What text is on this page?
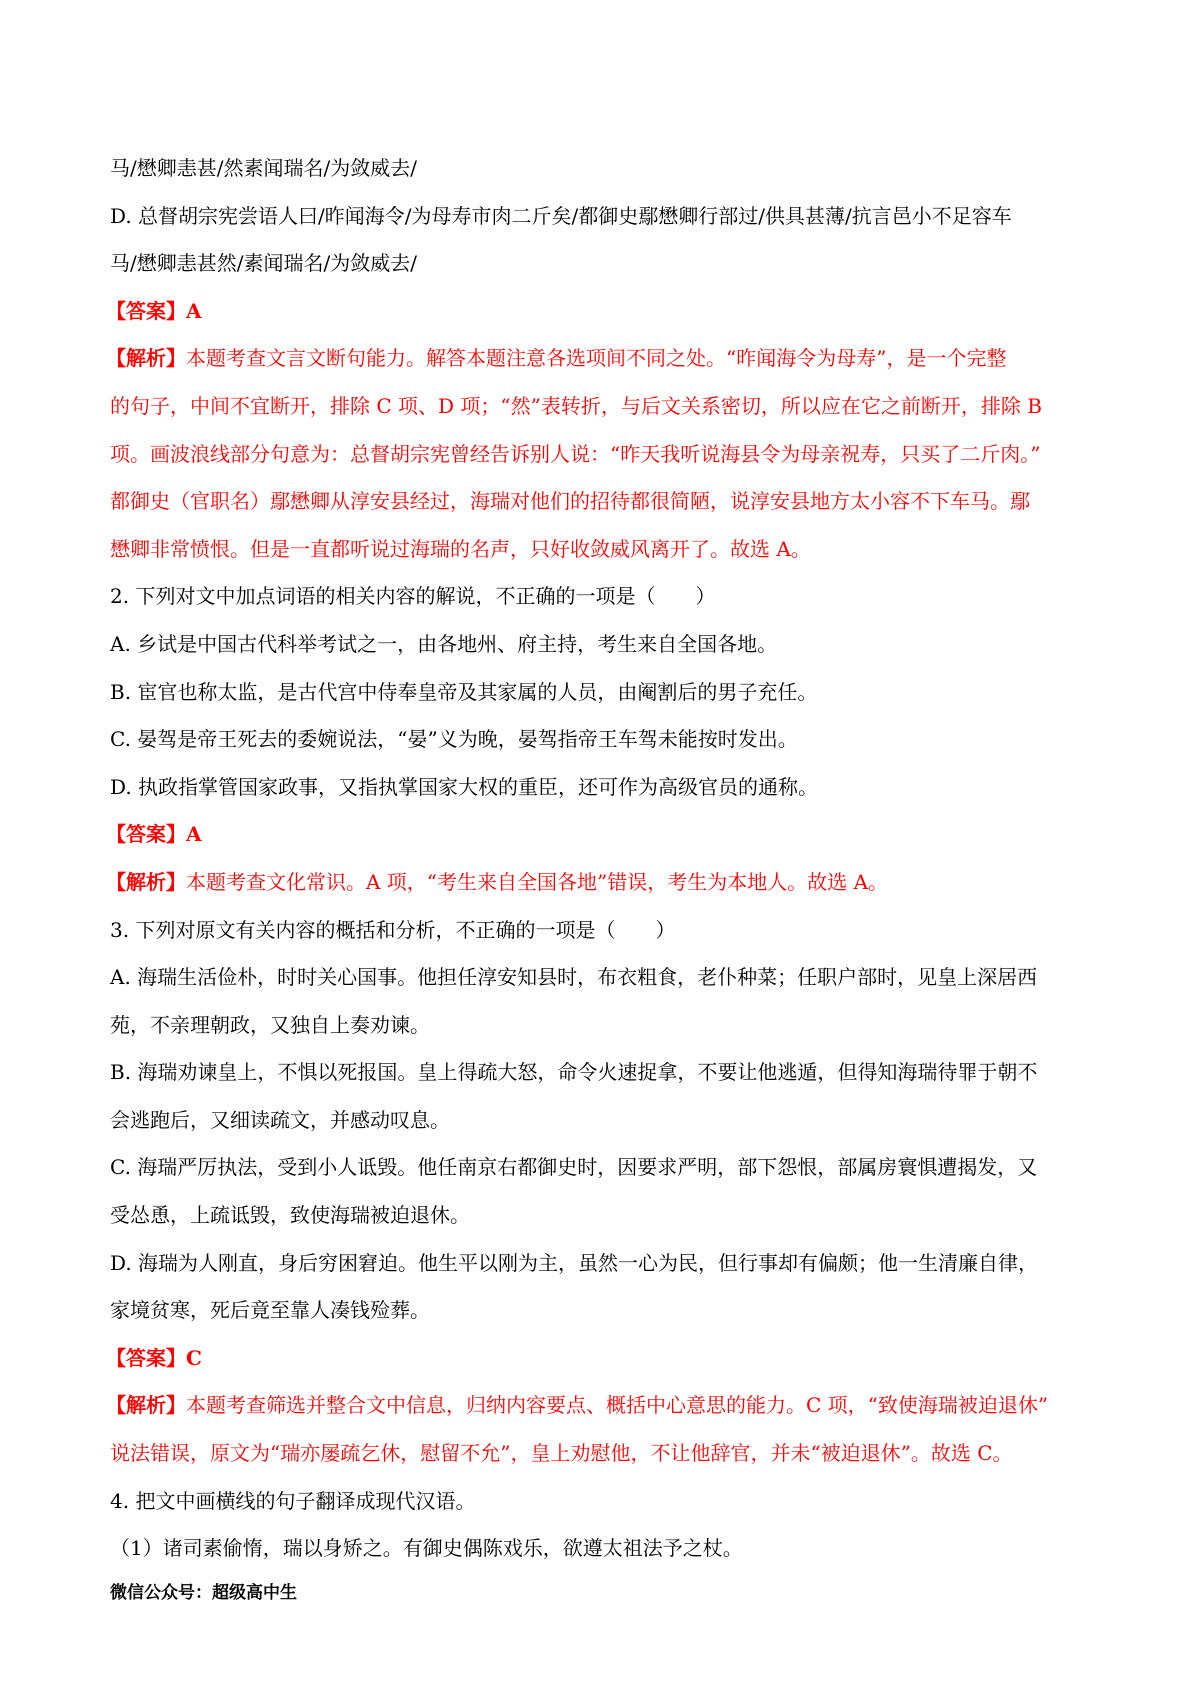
马/懋卿恚甚/然素闻瑞名/为敛威去/
D. 总督胡宗宪尝语人曰/昨闻海令/为母寿市肉二斤矣/都御史鄢懋卿行部过/供具甚薄/抗言邑小不足容车
马/懋卿恚甚然/素闻瑞名/为敛威去/
【答案】A
【解析】本题考查文言文断句能力。解答本题注意各选项间不同之处。“昨闻海令为母寿”，是一个完整
的句子，中间不宜断开，排除 C 项、D 项；“然”表转折，与后文关系密切，所以应在它之前断开，排除 B
项。画波浪线部分句意为：总督胡宗宪曾经告诉别人说：“昨天我听说海县令为母亲祝寿，只买了二斤肉。”
都御史（官职名）鄢懋卿从淳安县经过，海瑞对他们的招待都很简陋，说淳安县地方太小容不下车马。鄢
懋卿非常愤恨。但是一直都听说过海瑞的名声，只好收敛威风离开了。故选 A。
2. 下列对文中加点词语的相关内容的解说，不正确的一项是（　　）
A. 乡试是中国古代科举考试之一，由各地州、府主持，考生来自全国各地。
B. 宦官也称太监，是古代宫中侍奉皇帝及其家属的人员，由阉割后的男子充任。
C. 晏驾是帝王死去的委婉说法，“晏”义为晚，晏驾指帝王车驾未能按时发出。
D. 执政指掌管国家政事，又指执掌国家大权的重臣，还可作为高级官员的通称。
【答案】A
【解析】本题考查文化常识。A 项，“考生来自全国各地”错误，考生为本地人。故选 A。
3. 下列对原文有关内容的概括和分析，不正确的一项是（　　）
A. 海瑞生活俭朴，时时关心国事。他担任淳安知县时，布衣粗食，老仆种菜；任职户部时，见皇上深居西
苑，不亲理朝政，又独自上奏劝谏。
B. 海瑞劝谏皇上，不惧以死报国。皇上得疏大怒，命令火速捉拿，不要让他逃遁，但得知海瑞待罪于朝不
会逃跑后，又细读疏文，并感动叹息。
C. 海瑞严厉执法，受到小人诋毁。他任南京右都御史时，因要求严明，部下怨恨，部属房寰惧遭揭发，又
受怂恿，上疏诋毁，致使海瑞被迫退休。
D. 海瑞为人刚直，身后穷困窘迫。他生平以刚为主，虽然一心为民，但行事却有偏颇；他一生清廉自律，
家境贫寒，死后竟至靠人凑钱殓葬。
【答案】C
【解析】本题考查筛选并整合文中信息，归纳内容要点、概括中心意思的能力。C 项，“致使海瑞被迫退休”
说法错误，原文为“瑞亦屡疏乞休，慰留不允”，皇上劝慰他，不让他辞官，并未“被迫退休”。故选 C。
4. 把文中画横线的句子翻译成现代汉语。
（1）诸司素偷惰，瑞以身矫之。有御史偶陈戏乐，欲遵太祖法予之杖。
微信公众号：超级高中生
